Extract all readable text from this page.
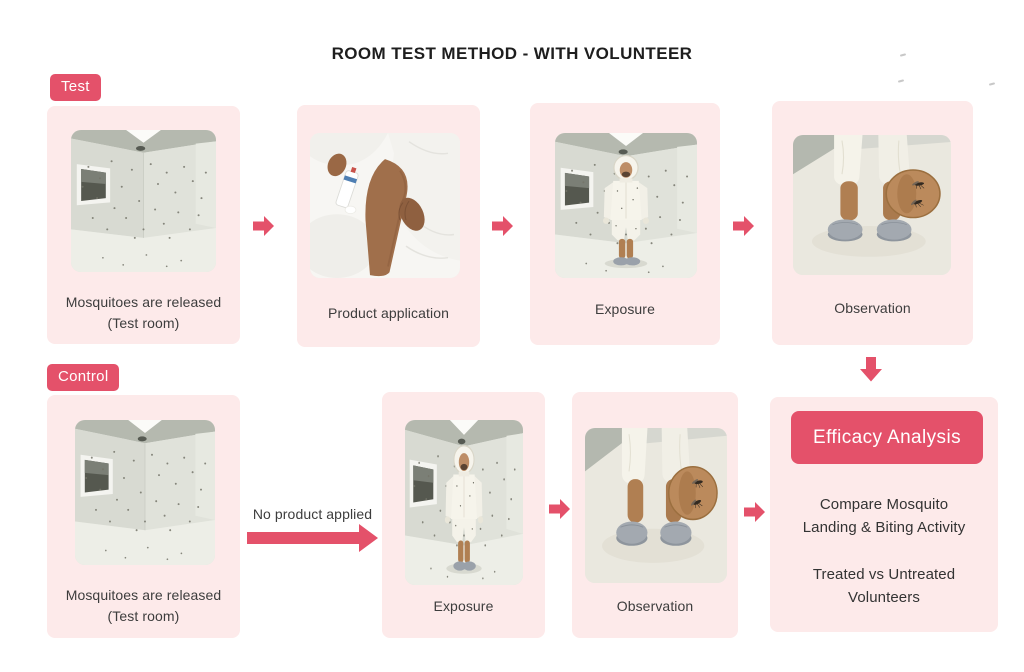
ROOM TEST METHOD - WITH VOLUNTEER
Test
Mosquitoes are released
(Test room)
Product application	Exposure	Observation
Control
Mosquitoes are released
(Test room)
No product applied
Exposure	Observation
Efficacy Analysis
Compare Mosquito
Landing & Biting Activity
Treated vs Untreated
Volunteers
